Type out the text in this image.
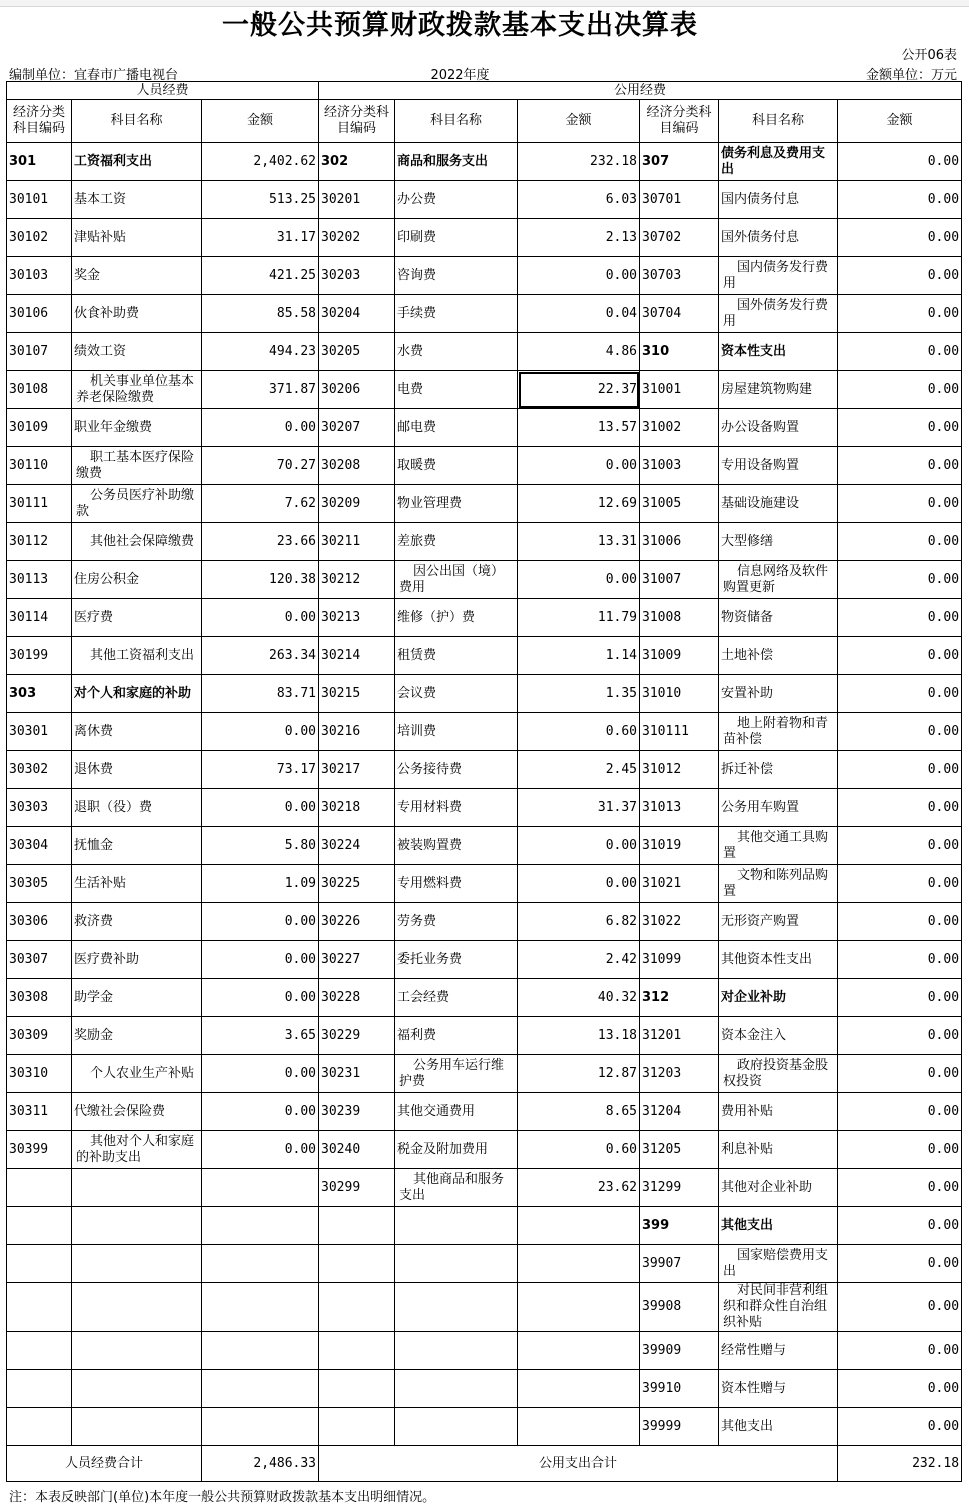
一般公共预算财政拨款基本支出决算表
公开06表
编制单位：宜春市广播电视台	2022年度	金额单位：万元
人员经费			公用经费					
经济分类科目编码	科目名称	金额	经济分类科目编码	科目名称	金额	经济分类科目编码	科目名称	金额
301	工资福利支出	2,402.62	302	商品和服务支出	232.18	307	债务利息及费用支出	0.00
30101	基本工资	513.25	30201	办公费	6.03	30701	国内债务付息	0.00
30102	津贴补贴	31.17	30202	印刷费	2.13	30702	国外债务付息	0.00
30103	奖金	421.25	30203	咨询费	0.00	30703	国内债务发行费用	0.00
30106	伙食补助费	85.58	30204	手续费	0.04	30704	国外债务发行费用	0.00
30107	绩效工资	494.23	30205	水费	4.86	310	资本性支出	0.00
30108	机关事业单位基本养老保险缴费	371.87	30206	电费	22.37	31001	房屋建筑物购建	0.00
30109	职业年金缴费	0.00	30207	邮电费	13.57	31002	办公设备购置	0.00
30110	职工基本医疗保险缴费	70.27	30208	取暖费	0.00	31003	专用设备购置	0.00
30111	公务员医疗补助缴款	7.62	30209	物业管理费	12.69	31005	基础设施建设	0.00
30112	其他社会保障缴费	23.66	30211	差旅费	13.31	31006	大型修缮	0.00
30113	住房公积金	120.38	30212	因公出国（境）费用	0.00	31007	信息网络及软件购置更新	0.00
30114	医疗费	0.00	30213	维修（护）费	11.79	31008	物资储备	0.00
30199	其他工资福利支出	263.34	30214	租赁费	1.14	31009	土地补偿	0.00
303	对个人和家庭的补助	83.71	30215	会议费	1.35	31010	安置补助	0.00
30301	离休费	0.00	30216	培训费	0.60	310111	地上附着物和青苗补偿	0.00
30302	退休费	73.17	30217	公务接待费	2.45	31012	拆迁补偿	0.00
30303	退职（役）费	0.00	30218	专用材料费	31.37	31013	公务用车购置	0.00
30304	抚恤金	5.80	30224	被装购置费	0.00	31019	其他交通工具购置	0.00
30305	生活补贴	1.09	30225	专用燃料费	0.00	31021	文物和陈列品购置	0.00
30306	救济费	0.00	30226	劳务费	6.82	31022	无形资产购置	0.00
30307	医疗费补助	0.00	30227	委托业务费	2.42	31099	其他资本性支出	0.00
30308	助学金	0.00	30228	工会经费	40.32	312	对企业补助	0.00
30309	奖励金	3.65	30229	福利费	13.18	31201	资本金注入	0.00
30310	个人农业生产补贴	0.00	30231	公务用车运行维护费	12.87	31203	政府投资基金股权投资	0.00
30311	代缴社会保险费	0.00	30239	其他交通费用	8.65	31204	费用补贴	0.00
30399	其他对个人和家庭的补助支出	0.00	30240	税金及附加费用	0.60	31205	利息补贴	0.00
			30299	其他商品和服务支出	23.62	31299	其他对企业补助	0.00
						399	其他支出	0.00
						39907	国家赔偿费用支出	0.00
						39908	对民间非营利组织和群众性自治组织补贴	0.00
						39909	经常性赠与	0.00
						39910	资本性赠与	0.00
						39999	其他支出	0.00
人员经费合计		2,486.33	公用支出合计					232.18
注：本表反映部门(单位)本年度一般公共预算财政拨款基本支出明细情况。
